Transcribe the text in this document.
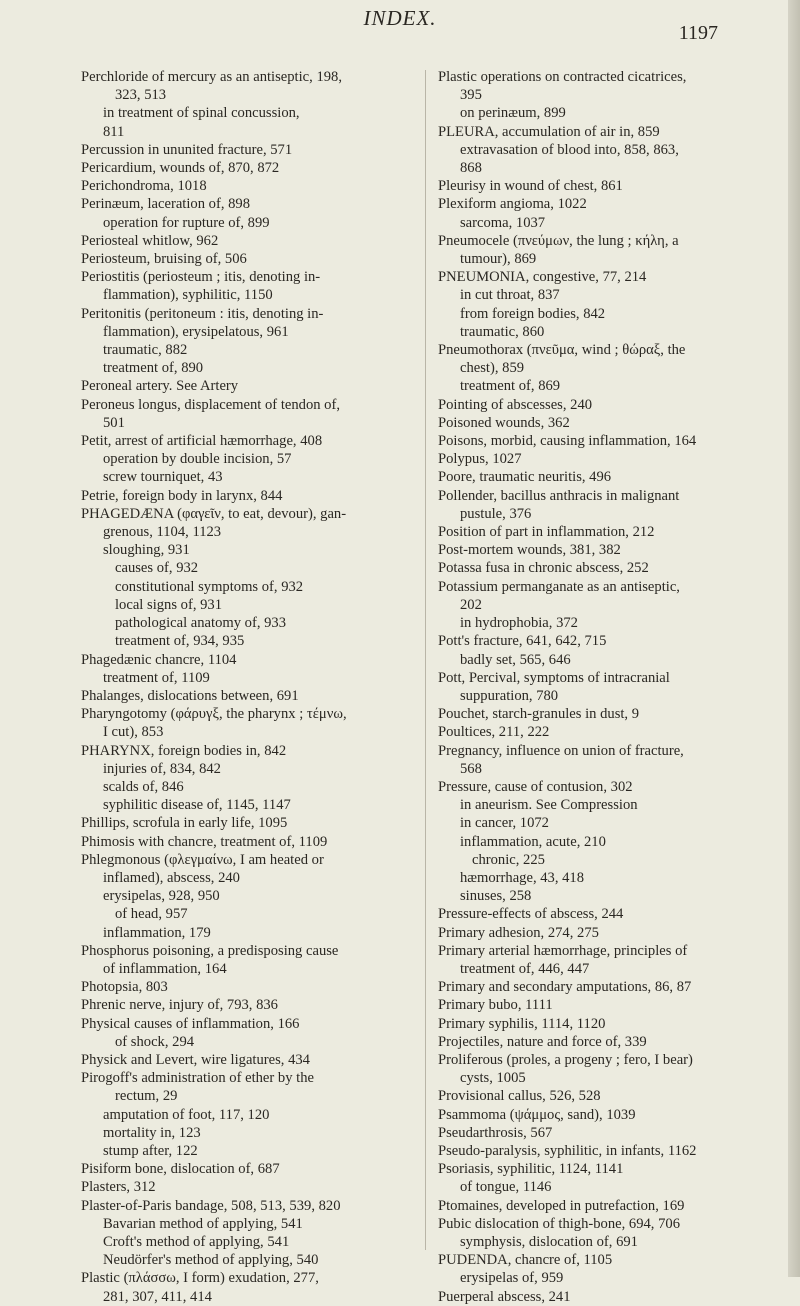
INDEX.
1197
Perchloride of mercury as an antiseptic, 198,
323, 513
in treatment of spinal concussion,
811
Percussion in ununited fracture, 571
Pericardium, wounds of, 870, 872
Perichondroma, 1018
Perinæum, laceration of, 898
operation for rupture of, 899
Periosteal whitlow, 962
Periosteum, bruising of, 506
Periostitis (periosteum ; itis, denoting in-
flammation), syphilitic, 1150
Peritonitis (peritoneum : itis, denoting in-
flammation), erysipelatous, 961
traumatic, 882
treatment of, 890
Peroneal artery. See Artery
Peroneus longus, displacement of tendon of,
501
Petit, arrest of artificial hæmorrhage, 408
operation by double incision, 57
screw tourniquet, 43
Petrie, foreign body in larynx, 844
PHAGEDÆNA (φαγεῖν, to eat, devour), gan-
grenous, 1104, 1123
sloughing, 931
causes of, 932
constitutional symptoms of, 932
local signs of, 931
pathological anatomy of, 933
treatment of, 934, 935
Phagedænic chancre, 1104
treatment of, 1109
Phalanges, dislocations between, 691
Pharyngotomy (φάρυγξ, the pharynx ; τέμνω,
I cut), 853
PHARYNX, foreign bodies in, 842
injuries of, 834, 842
scalds of, 846
syphilitic disease of, 1145, 1147
Phillips, scrofula in early life, 1095
Phimosis with chancre, treatment of, 1109
Phlegmonous (φλεγμαίνω, I am heated or
inflamed), abscess, 240
erysipelas, 928, 950
of head, 957
inflammation, 179
Phosphorus poisoning, a predisposing cause
of inflammation, 164
Photopsia, 803
Phrenic nerve, injury of, 793, 836
Physical causes of inflammation, 166
of shock, 294
Physick and Levert, wire ligatures, 434
Pirogoff's administration of ether by the
rectum, 29
amputation of foot, 117, 120
mortality in, 123
stump after, 122
Pisiform bone, dislocation of, 687
Plasters, 312
Plaster-of-Paris bandage, 508, 513, 539, 820
Bavarian method of applying, 541
Croft's method of applying, 541
Neudörfer's method of applying, 540
Plastic (πλάσσω, I form) exudation, 277,
281, 307, 411, 414
Plastic operations on contracted cicatrices,
395
on perinæum, 899
PLEURA, accumulation of air in, 859
extravasation of blood into, 858, 863,
868
Pleurisy in wound of chest, 861
Plexiform angioma, 1022
sarcoma, 1037
Pneumocele (πνεύμων, the lung ; κήλη, a
tumour), 869
PNEUMONIA, congestive, 77, 214
in cut throat, 837
from foreign bodies, 842
traumatic, 860
Pneumothorax (πνεῦμα, wind ; θώραξ, the
chest), 859
treatment of, 869
Pointing of abscesses, 240
Poisoned wounds, 362
Poisons, morbid, causing inflammation, 164
Polypus, 1027
Poore, traumatic neuritis, 496
Pollender, bacillus anthracis in malignant
pustule, 376
Position of part in inflammation, 212
Post-mortem wounds, 381, 382
Potassa fusa in chronic abscess, 252
Potassium permanganate as an antiseptic,
202
in hydrophobia, 372
Pott's fracture, 641, 642, 715
badly set, 565, 646
Pott, Percival, symptoms of intracranial
suppuration, 780
Pouchet, starch-granules in dust, 9
Poultices, 211, 222
Pregnancy, influence on union of fracture,
568
Pressure, cause of contusion, 302
in aneurism. See Compression
in cancer, 1072
inflammation, acute, 210
chronic, 225
hæmorrhage, 43, 418
sinuses, 258
Pressure-effects of abscess, 244
Primary adhesion, 274, 275
Primary arterial hæmorrhage, principles of
treatment of, 446, 447
Primary and secondary amputations, 86, 87
Primary bubo, 1111
Primary syphilis, 1114, 1120
Projectiles, nature and force of, 339
Proliferous (proles, a progeny ; fero, I bear)
cysts, 1005
Provisional callus, 526, 528
Psammoma (ψάμμος, sand), 1039
Pseudarthrosis, 567
Pseudo-paralysis, syphilitic, in infants, 1162
Psoriasis, syphilitic, 1124, 1141
of tongue, 1146
Ptomaines, developed in putrefaction, 169
Pubic dislocation of thigh-bone, 694, 706
symphysis, dislocation of, 691
PUDENDA, chancre of, 1105
erysipelas of, 959
Puerperal abscess, 241
